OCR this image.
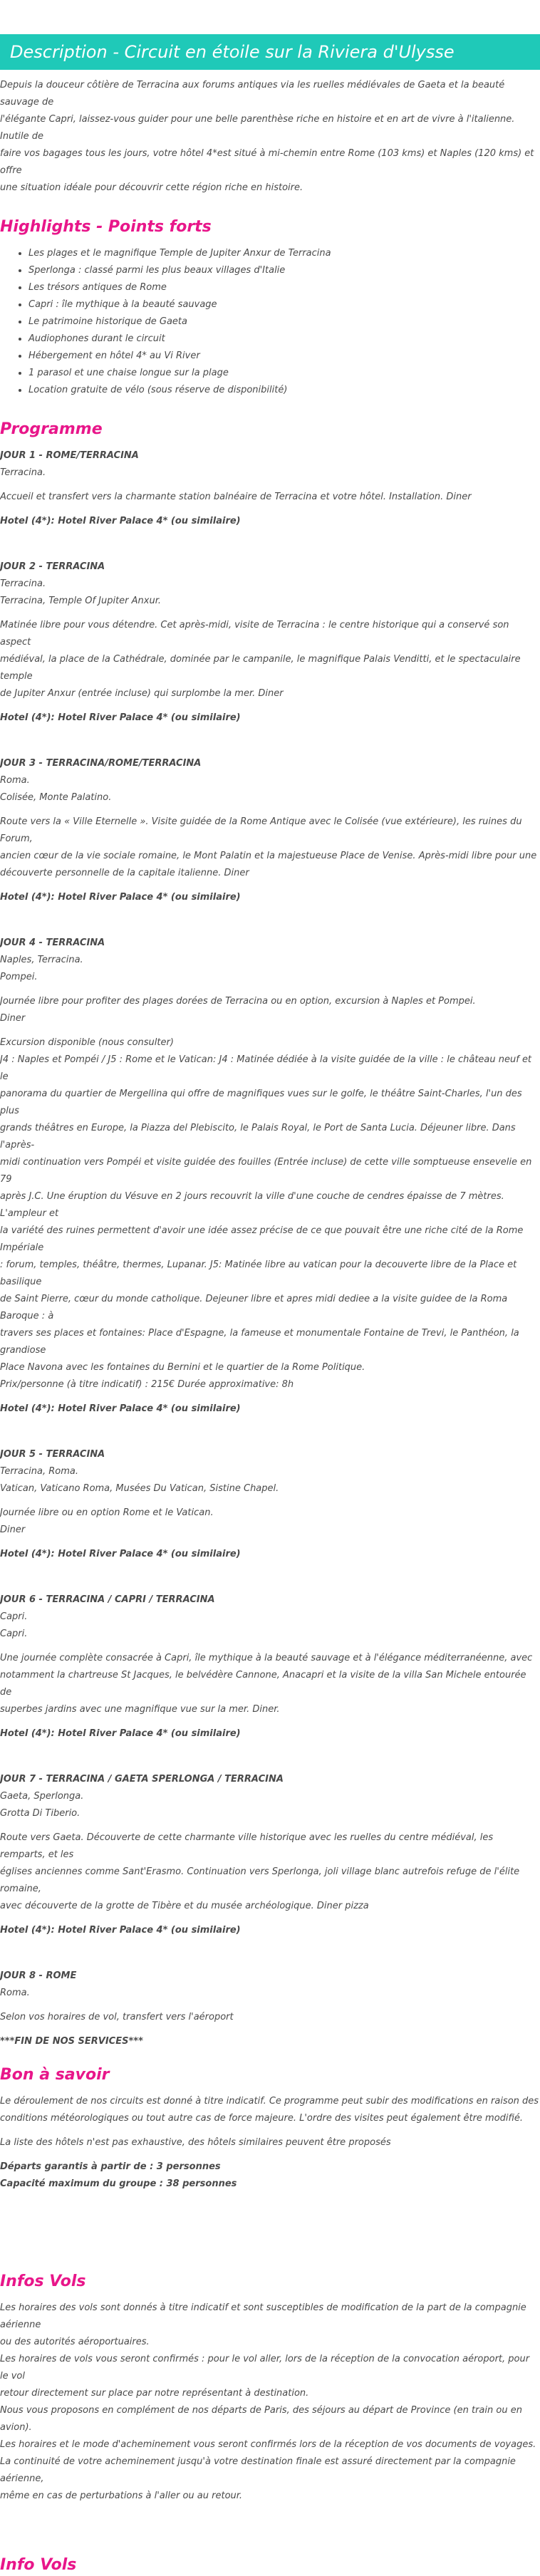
Description - Circuit en étoile sur la Riviera d'Ulysse

Depuis la douceur côtière de Terracina aux forums antiques via les ruelles médiévales de Gaeta et la beauté sauvage de

l'élégante Capri, laissez-vous guider pour une belle parenthèse riche en histoire et en art de vivre à l'italienne. Inutile de

faire vos bagages tous les jours, votre hôtel 4*est situé à mi-chemin entre Rome (103 kms) et Naples (120 kms) et offre

une situation idéale pour découvrir cette région riche en histoire.

Highlights - Points forts
• Les plages et le magnifique Temple de Jupiter Anxur de Terracina
• Sperlonga : classé parmi les plus beaux villages d'Italie
• Les trésors antiques de Rome
• Capri : île mythique à la beauté sauvage
• Le patrimoine historique de Gaeta
• Audiophones durant le circuit
• Hébergement en hôtel 4* au Vi River
• 1 parasol et une chaise longue sur la plage
• Location gratuite de vélo (sous réserve de disponibilité)
Programme
JOUR 1 - ROME/TERRACINA

Terracina.

Accueil et transfert vers la charmante station balnéaire de Terracina et votre hôtel. Installation. Diner

Hotel (4*): Hotel River Palace 4* (ou similaire)
JOUR 2 - TERRACINA

Terracina.

Terracina, Temple Of Jupiter Anxur.

Matinée libre pour vous détendre. Cet après-midi, visite de Terracina : le centre historique qui a conservé son aspect

médiéval, la place de la Cathédrale, dominée par le campanile, le magnifique Palais Venditti, et le spectaculaire temple

de Jupiter Anxur (entrée incluse) qui surplombe la mer. Diner

Hotel (4*): Hotel River Palace 4* (ou similaire)
JOUR 3 - TERRACINA/ROME/TERRACINA

Roma.

Colisée, Monte Palatino.

Route vers la « Ville Eternelle ». Visite guidée de la Rome Antique avec le Colisée (vue extérieure), les ruines du Forum,

ancien cœur de la vie sociale romaine, le Mont Palatin et la majestueuse Place de Venise. Après-midi libre pour une

découverte personnelle de la capitale italienne. Diner

Hotel (4*): Hotel River Palace 4* (ou similaire)
JOUR 4 - TERRACINA

Naples, Terracina.

Pompei.

Journée libre pour profiter des plages dorées de Terracina ou en option, excursion à Naples et Pompei.

Diner

Excursion disponible (nous consulter)

J4 : Naples et Pompéi / J5 : Rome et le Vatican: J4 : Matinée dédiée à la visite guidée de la ville : le château neuf et le

panorama du quartier de Mergellina qui offre de magnifiques vues sur le golfe, le théâtre Saint-Charles, l'un des plus

grands théâtres en Europe, la Piazza del Plebiscito, le Palais Royal, le Port de Santa Lucia. Déjeuner libre. Dans l'après-

midi continuation vers Pompéi et visite guidée des fouilles (Entrée incluse) de cette ville somptueuse ensevelie en 79

après J.C. Une éruption du Vésuve en 2 jours recouvrit la ville d'une couche de cendres épaisse de 7 mètres. L'ampleur et

la variété des ruines permettent d'avoir une idée assez précise de ce que pouvait être une riche cité de la Rome Impériale

: forum, temples, théâtre, thermes, Lupanar. J5: Matinée libre au vatican pour la decouverte libre de la Place et basilique

de Saint Pierre, cœur du monde catholique. Dejeuner libre et apres midi dediee a la visite guidee de la Roma Baroque : à

travers ses places et fontaines: Place d'Espagne, la fameuse et monumentale Fontaine de Trevi, le Panthéon, la grandiose

Place Navona avec les fontaines du Bernini et le quartier de la Rome Politique.

Prix/personne (à titre indicatif) : 215€ Durée approximative: 8h

Hotel (4*): Hotel River Palace 4* (ou similaire)
JOUR 5 - TERRACINA

Terracina, Roma.

Vatican, Vaticano Roma, Musées Du Vatican, Sistine Chapel.

Journée libre ou en option Rome et le Vatican.

Diner

Hotel (4*): Hotel River Palace 4* (ou similaire)
JOUR 6 - TERRACINA / CAPRI / TERRACINA

Capri.

Capri.

Une journée complète consacrée à Capri, île mythique à la beauté sauvage et à l'élégance méditerranéenne, avec

notamment la chartreuse St Jacques, le belvédère Cannone, Anacapri et la visite de la villa San Michele entourée de

superbes jardins avec une magnifique vue sur la mer. Diner.

Hotel (4*): Hotel River Palace 4* (ou similaire)
JOUR 7 - TERRACINA / GAETA SPERLONGA / TERRACINA

Gaeta, Sperlonga.

Grotta Di Tiberio.

Route vers Gaeta. Découverte de cette charmante ville historique avec les ruelles du centre médiéval, les remparts, et les

églises anciennes comme Sant'Erasmo. Continuation vers Sperlonga, joli village blanc autrefois refuge de l'élite romaine,

avec découverte de la grotte de Tibère et du musée archéologique. Diner pizza

Hotel (4*): Hotel River Palace 4* (ou similaire)
JOUR 8 - ROME

Roma.

Selon vos horaires de vol, transfert vers l'aéroport

***FIN DE NOS SERVICES***
Bon à savoir

Le déroulement de nos circuits est donné à titre indicatif. Ce programme peut subir des modifications en raison des

conditions météorologiques ou tout autre cas de force majeure. L'ordre des visites peut également être modifié.

La liste des hôtels n'est pas exhaustive, des hôtels similaires peuvent être proposés

Départs garantis à partir de : 3 personnes

Capacité maximum du groupe : 38 personnes

Infos Vols

Les horaires des vols sont donnés à titre indicatif et sont susceptibles de modification de la part de la compagnie aérienne

ou des autorités aéroportuaires.

Les horaires de vols vous seront confirmés : pour le vol aller, lors de la réception de la convocation aéroport, pour le vol

retour directement sur place par notre représentant à destination.

Nous vous proposons en complément de nos départs de Paris, des séjours au départ de Province (en train ou en avion).

Les horaires et le mode d'acheminement vous seront confirmés lors de la réception de vos documents de voyages.

La continuité de votre acheminement jusqu'à votre destination finale est assuré directement par la compagnie aérienne,

même en cas de perturbations à l'aller ou au retour.

Info Vols
